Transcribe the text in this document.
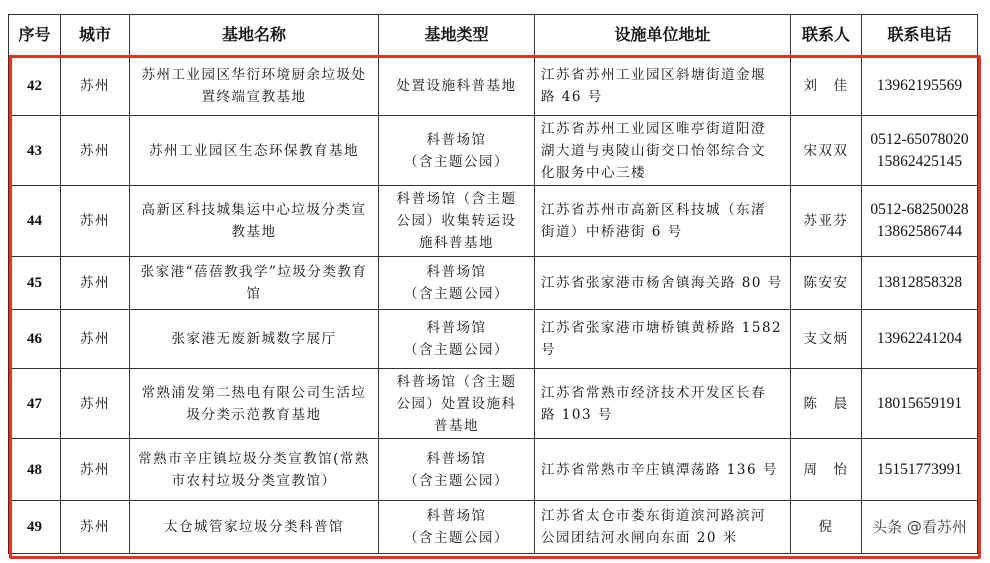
序号	城市	基地名称	基地类型	设施单位地址	联系人	联系电话
42	苏州	苏州工业园区华衍环境厨余垃圾处
置终端宣教基地	处置设施科普基地	江苏省苏州工业园区斜塘街道金堰
路 46 号	刘　佳	13962195569
43	苏州	苏州工业园区生态环保教育基地	科普场馆
（含主题公园）	江苏省苏州工业园区唯亭街道阳澄
湖大道与夷陵山街交口怡邻综合文
化服务中心三楼	宋双双	0512-65078020
15862425145
44	苏州	高新区科技城集运中心垃圾分类宣
教基地	科普场馆（含主题
公园）收集转运设
施科普基地	江苏省苏州市高新区科技城（东渚
街道）中桥港街 6 号	苏亚芬	0512-68250028
13862586744
45	苏州	张家港“蓓蓓教我学”垃圾分类教育
馆	科普场馆
（含主题公园）	江苏省张家港市杨舍镇海关路 80 号	陈安安	13812858328
46	苏州	张家港无废新城数字展厅	科普场馆
（含主题公园）	江苏省张家港市塘桥镇黄桥路 1582
号	支文炳	13962241204
47	苏州	常熟浦发第二热电有限公司生活垃
圾分类示范教育基地	科普场馆（含主题
公园）处置设施科
普基地	江苏省常熟市经济技术开发区长春
路 103 号	陈　晨	18015659191
48	苏州	常熟市辛庄镇垃圾分类宣教馆(常熟
市农村垃圾分类宣教馆）	科普场馆
（含主题公园）	江苏省常熟市辛庄镇潭荡路 136 号	周　怡	15151773991
49	苏州	太仓城管家垃圾分类科普馆	科普场馆
（含主题公园）	江苏省太仓市娄东街道滨河路滨河
公园团结河水闸向东面 20 米	倪	头条 @看苏州
